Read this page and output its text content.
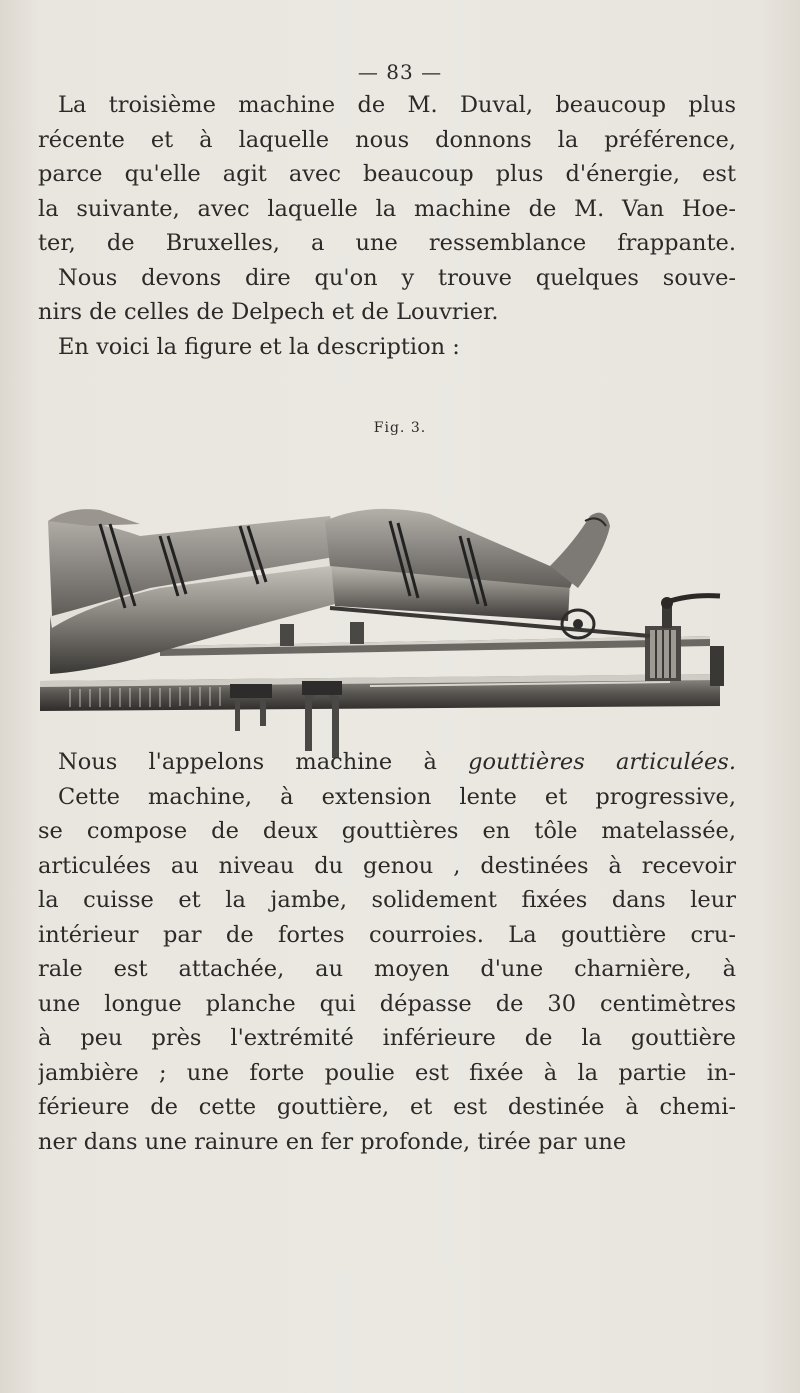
— 83 —
La troisième machine de M. Duval, beaucoup plus
récente et à laquelle nous donnons la préférence,
parce qu'elle agit avec beaucoup plus d'énergie, est
la suivante, avec laquelle la machine de M. Van Hoe-
ter, de Bruxelles, a une ressemblance frappante.
Nous devons dire qu'on y trouve quelques souve-
nirs de celles de Delpech et de Louvrier.
En voici la figure et la description :
Fig. 3.
Nous l'appelons machine à gouttières articulées.
Cette machine, à extension lente et progressive,
se compose de deux gouttières en tôle matelassée,
articulées au niveau du genou , destinées à recevoir
la cuisse et la jambe, solidement fixées dans leur
intérieur par de fortes courroies. La gouttière cru-
rale est attachée, au moyen d'une charnière, à
une longue planche qui dépasse de 30 centimètres
à peu près l'extrémité inférieure de la gouttière
jambière ; une forte poulie est fixée à la partie in-
férieure de cette gouttière, et est destinée à chemi-
ner dans une rainure en fer profonde, tirée par une
